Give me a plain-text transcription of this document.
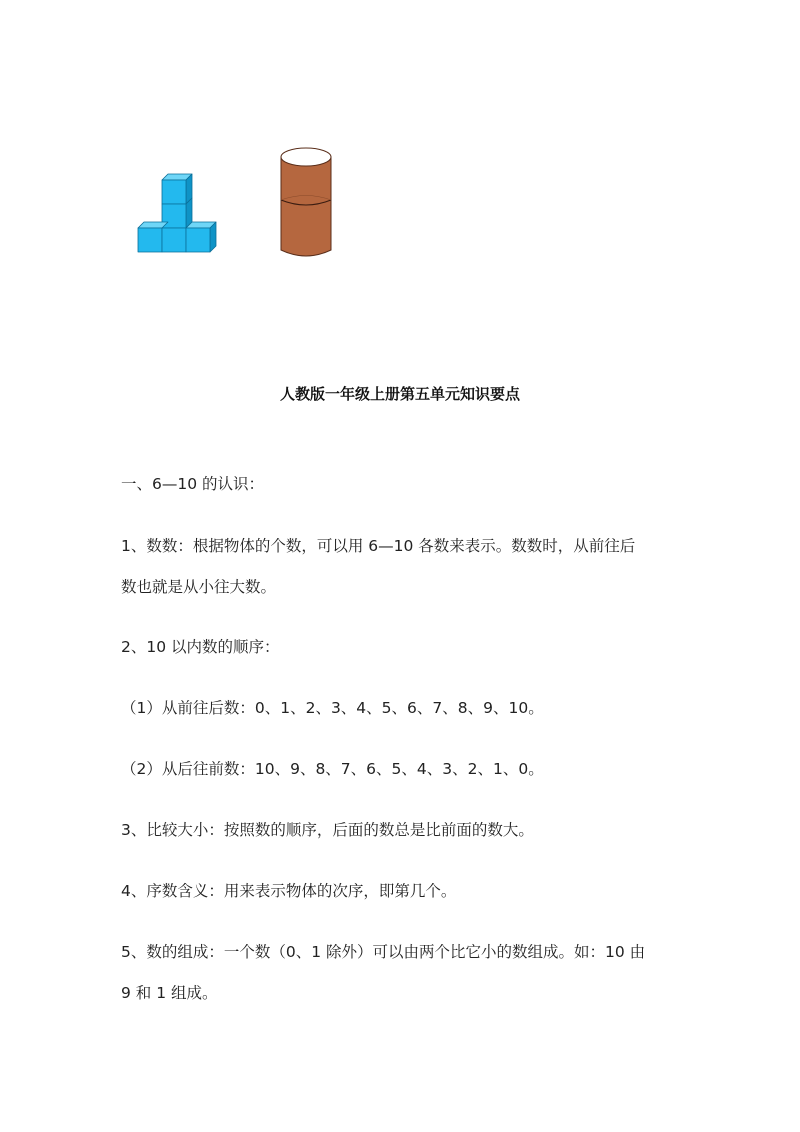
人教版一年级上册第五单元知识要点
一、6—10 的认识：
1、数数：根据物体的个数，可以用 6—10 各数来表示。数数时，从前往后
数也就是从小往大数。
2、10 以内数的顺序：
（1）从前往后数：0、1、2、3、4、5、6、7、8、9、10。
（2）从后往前数：10、9、8、7、6、5、4、3、2、1、0。
3、比较大小：按照数的顺序，后面的数总是比前面的数大。
4、序数含义：用来表示物体的次序，即第几个。
5、数的组成：一个数（0、1 除外）可以由两个比它小的数组成。如：10 由
9 和 1 组成。
